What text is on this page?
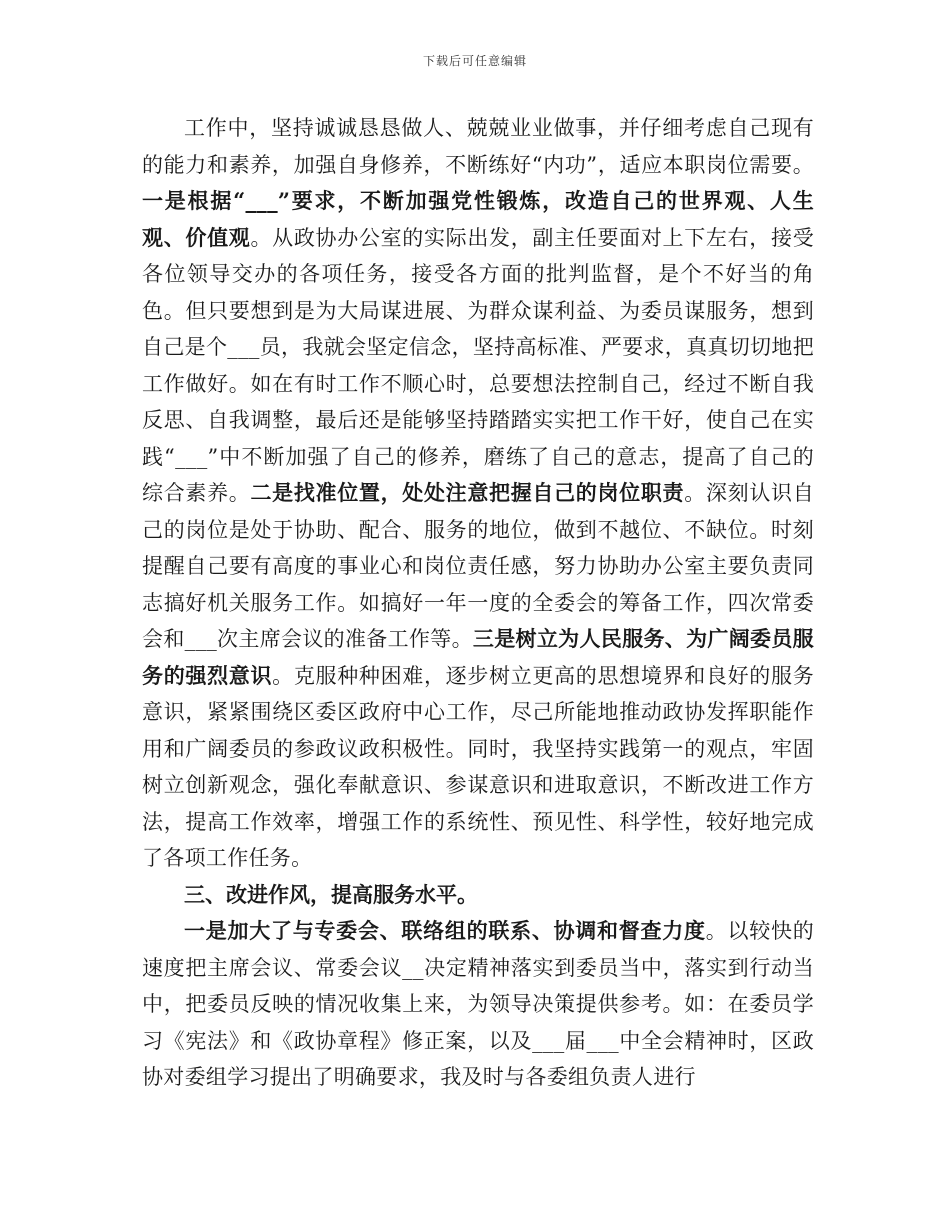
下载后可任意编辑

工作中，坚持诚诚恳恳做人、兢兢业业做事，并仔细考虑自己现有的能力和素养，加强自身修养，不断练好“内功”，适应本职岗位需要。一是根据“___”要求，不断加强党性锻炼，改造自己的世界观、人生观、价值观。从政协办公室的实际出发，副主任要面对上下左右，接受各位领导交办的各项任务，接受各方面的批判监督，是个不好当的角色。但只要想到是为大局谋进展、为群众谋利益、为委员谋服务，想到自己是个___员，我就会坚定信念，坚持高标准、严要求，真真切切地把工作做好。如在有时工作不顺心时，总要想法控制自己，经过不断自我反思、自我调整，最后还是能够坚持踏踏实实把工作干好，使自己在实践“___”中不断加强了自己的修养，磨练了自己的意志，提高了自己的综合素养。二是找准位置，处处注意把握自己的岗位职责。深刻认识自己的岗位是处于协助、配合、服务的地位，做到不越位、不缺位。时刻提醒自己要有高度的事业心和岗位责任感，努力协助办公室主要负责同志搞好机关服务工作。如搞好一年一度的全委会的筹备工作，四次常委会和___次主席会议的准备工作等。三是树立为人民服务、为广阔委员服务的强烈意识。克服种种困难，逐步树立更高的思想境界和良好的服务意识，紧紧围绕区委区政府中心工作，尽己所能地推动政协发挥职能作用和广阔委员的参政议政积极性。同时，我坚持实践第一的观点，牢固树立创新观念，强化奉献意识、参谋意识和进取意识，不断改进工作方法，提高工作效率，增强工作的系统性、预见性、科学性，较好地完成了各项工作任务。

三、改进作风，提高服务水平。

一是加大了与专委会、联络组的联系、协调和督查力度。以较快的速度把主席会议、常委会议__决定精神落实到委员当中，落实到行动当中，把委员反映的情况收集上来，为领导决策提供参考。如：在委员学习《宪法》和《政协章程》修正案，以及___届___中全会精神时，区政协对委组学习提出了明确要求，我及时与各委组负责人进行
